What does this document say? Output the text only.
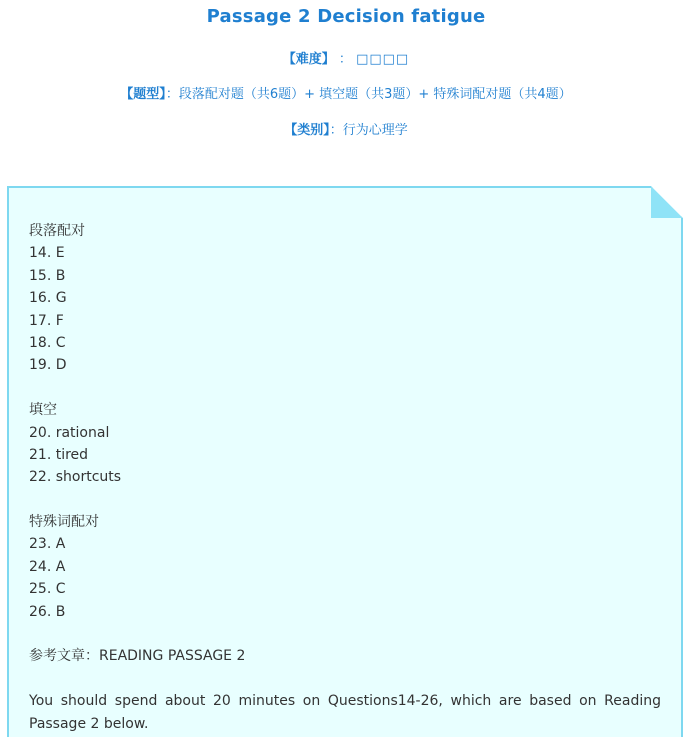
Passage 2 Decision fatigue
【难度】 ： □□□□
【题型】：段落配对题（共6题）+ 填空题（共3题）+ 特殊词配对题（共4题）
【类别】：行为心理学
段落配对
14. E
15. B
16. G
17. F
18. C
19. D
填空
20. rational
21. tired
22. shortcuts
特殊词配对
23. A
24. A
25. C
26. B
参考文章：READING PASSAGE 2
You should spend about 20 minutes on Questions14-26, which are based on Reading Passage 2 below.
